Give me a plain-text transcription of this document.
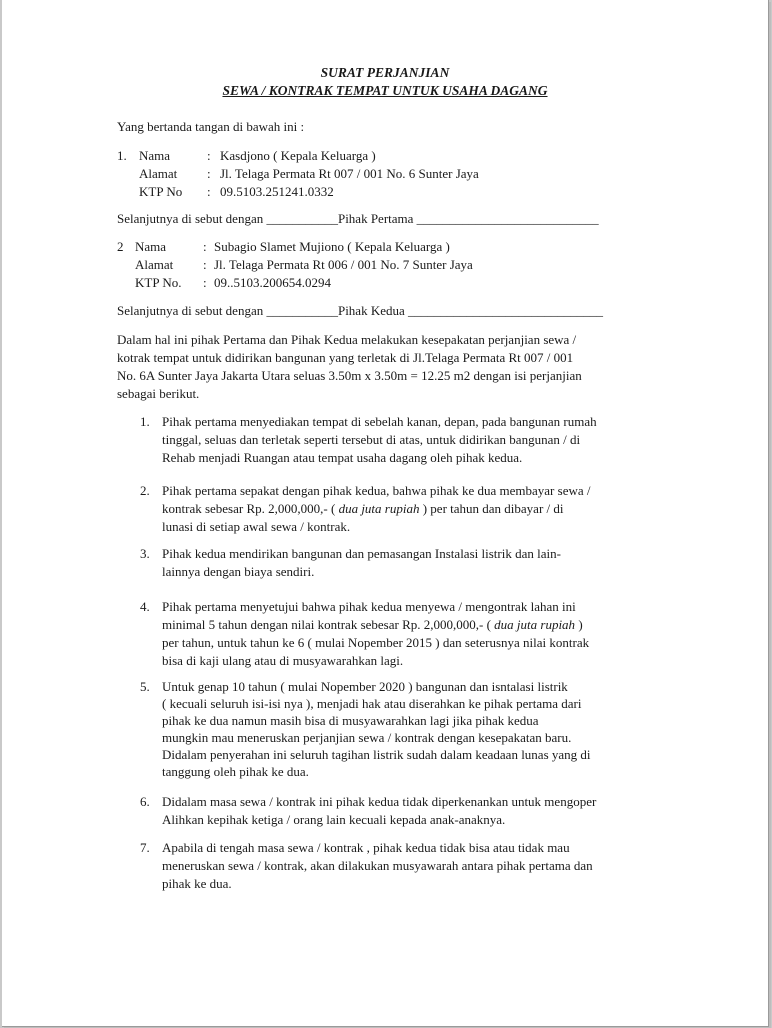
SURAT PERJANJIAN
SEWA / KONTRAK TEMPAT UNTUK USAHA DAGANG
Yang bertanda tangan di bawah ini :
1. Nama	: Kasdjono ( Kepala Keluarga )
Alamat : Jl. Telaga Permata Rt 007 / 001 No. 6 Sunter Jaya
KTP No : 09.5103.251241.0332
Selanjutnya di sebut dengan ___________Pihak Pertama ____________________________
2 Nama	: Subagio Slamet Mujiono ( Kepala Keluarga )
Alamat : Jl. Telaga Permata Rt 006 / 001 No. 7 Sunter Jaya
KTP No. : 09..5103.200654.0294
Selanjutnya di sebut dengan ___________Pihak Kedua ______________________________
Dalam hal ini pihak Pertama dan Pihak Kedua melakukan kesepakatan perjanjian sewa /
kotrak tempat untuk didirikan bangunan yang terletak di Jl.Telaga Permata Rt 007 / 001
No. 6A Sunter Jaya Jakarta Utara seluas 3.50m x 3.50m = 12.25 m2 dengan isi perjanjian
sebagai berikut.
1. Pihak pertama menyediakan tempat di sebelah kanan, depan, pada bangunan rumah
tinggal, seluas dan terletak seperti tersebut di atas, untuk didirikan bangunan / di
Rehab menjadi Ruangan atau tempat usaha dagang oleh pihak kedua.
2. Pihak pertama sepakat dengan pihak kedua, bahwa pihak ke dua membayar sewa /
kontrak sebesar Rp. 2,000,000,- ( dua juta rupiah ) per tahun dan dibayar / di
lunasi di setiap awal sewa / kontrak.
3. Pihak kedua mendirikan bangunan dan pemasangan Instalasi listrik dan lain-
lainnya dengan biaya sendiri.
4. Pihak pertama menyetujui bahwa pihak kedua menyewa / mengontrak lahan ini
minimal 5 tahun dengan nilai kontrak sebesar Rp. 2,000,000,- ( dua juta rupiah )
per tahun, untuk tahun ke 6 ( mulai Nopember 2015 ) dan seterusnya nilai kontrak
bisa di kaji ulang atau di musyawarahkan lagi.
5. Untuk genap 10 tahun ( mulai Nopember 2020 ) bangunan dan isntalasi listrik
( kecuali seluruh isi-isi nya ), menjadi hak atau diserahkan ke pihak pertama dari
pihak ke dua namun masih bisa di musyawarahkan lagi jika pihak kedua
mungkin mau meneruskan perjanjian sewa / kontrak dengan kesepakatan baru.
Didalam penyerahan ini seluruh tagihan listrik sudah dalam keadaan lunas yang di
tanggung oleh pihak ke dua.
6. Didalam masa sewa / kontrak ini pihak kedua tidak diperkenankan untuk mengoper
Alihkan kepihak ketiga / orang lain kecuali kepada anak-anaknya.
7. Apabila di tengah masa sewa / kontrak , pihak kedua tidak bisa atau tidak mau
meneruskan sewa / kontrak, akan dilakukan musyawarah antara pihak pertama dan
pihak ke dua.
